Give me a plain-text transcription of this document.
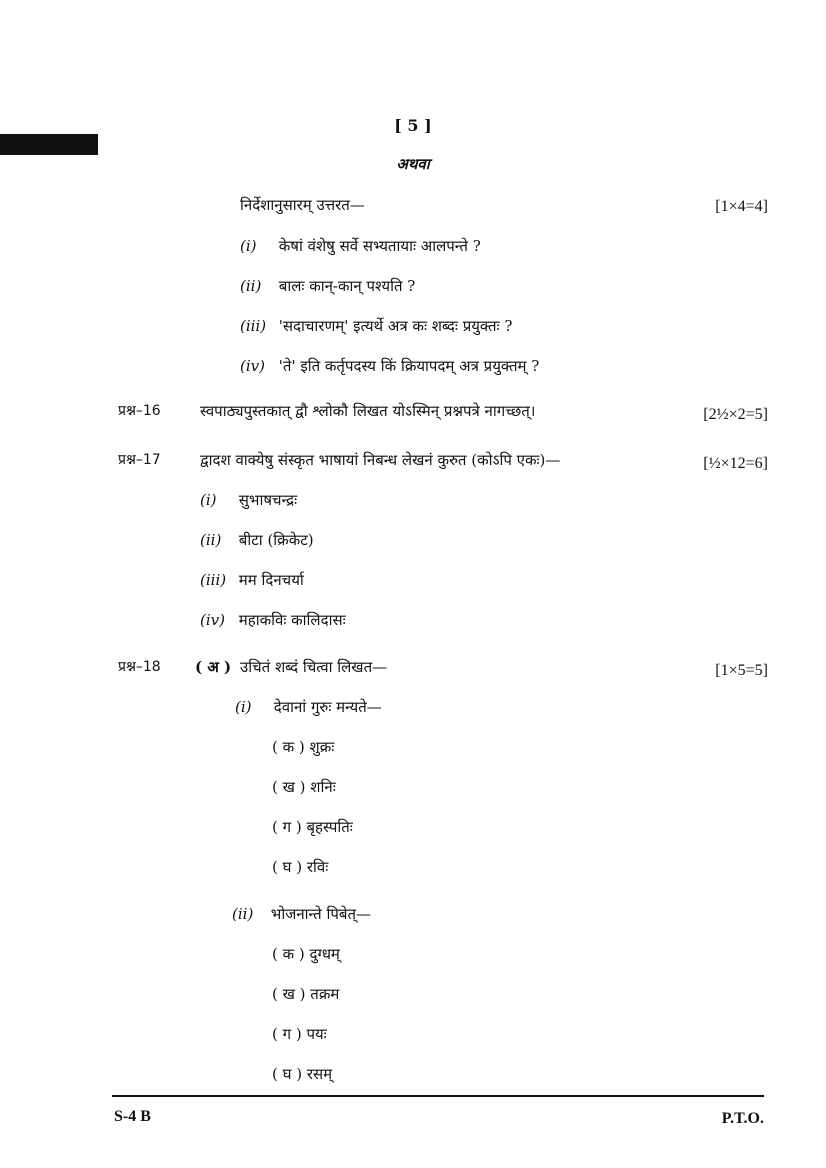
[ 5 ]
अथवा
निर्देशानुसारम् उत्तरत—	[1×4=4]
(i) केषां वंशेषु सर्वे सभ्यतायाः आलपन्ते ?
(ii) बालः कान्-कान् पश्यति ?
(iii) 'सदाचारणम्' इत्यर्थे अत्र कः शब्दः प्रयुक्तः ?
(iv) 'ते' इति कर्तृपदस्य किं क्रियापदम् अत्र प्रयुक्तम् ?
प्रश्न–16	स्वपाठ्यपुस्तकात् द्वौ श्लोकौ लिखत योऽस्मिन् प्रश्नपत्रे नागच्छत्।	[2½×2=5]
प्रश्न–17	द्वादश वाक्येषु संस्कृत भाषायां निबन्ध लेखनं कुरुत (कोऽपि एकः)—	[½×12=6]
(i) सुभाषचन्द्रः
(ii) बीटा (क्रिकेट)
(iii) मम दिनचर्या
(iv) महाकविः कालिदासः
प्रश्न–18 ( अ ) उचितं शब्दं चित्वा लिखत—	[1×5=5]
(i) देवानां गुरुः मन्यते—
( क ) शुक्रः
( ख ) शनिः
( ग ) बृहस्पतिः
( घ ) रविः
(ii) भोजनान्ते पिबेत्—
( क ) दुग्धम्
( ख ) तक्रम
( ग ) पयः
( घ ) रसम्
S-4 B	P.T.O.
